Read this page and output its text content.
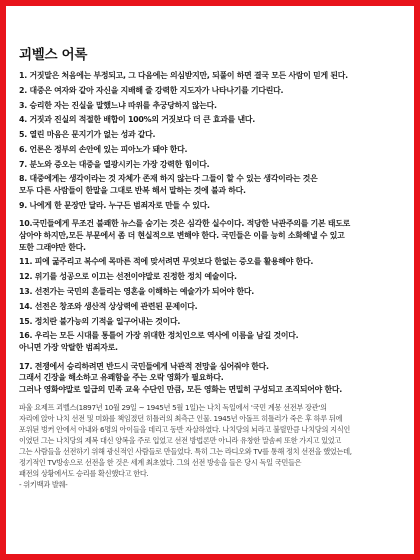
괴벨스 어록
1. 거짓말은 처음에는 부정되고, 그 다음에는 의심받지만, 되풀이 하면 결국 모든 사람이 믿게 된다.
2. 대중은 여자와 같아 자신을 지배해 줄 강력한 지도자가 나타나기를 기다린다.
3. 승리한 자는 진실을 말했느냐 따위를 추궁당하지 않는다.
4. 거짓과 진실의 적절한 배합이 100%의 거짓보다 더 큰 효과를 낸다.
5. 열린 마음은 문지기가 없는 성과 같다.
6. 언론은 정부의 손안에 있는 피아노가 돼야 한다.
7. 분노와 증오는 대중을 열광시키는 가장 강력한 힘이다.
8. 대중에게는 생각이라는 것 자체가 존재 하지 않는다 그들이 할 수 있는 생각이라는 것은
모두 다른 사람들이 한말을 그대로 반복 해서 말하는 것에 불과 하다.
9. 나에게 한 문장만 달라. 누구든 범죄자로 만들 수 있다.
10.국민들에게 무조건 불쾌한 뉴스를 숨기는 것은 심각한 실수이다. 적당한 낙관주의를 기본 태도로
삼아야 하지만,모든 부문에서 좀 더 현실적으로 변해야 한다. 국민들은 이를 능히 소화해낼 수 있고
또한 그래야만 한다.
11. 피에 굶주리고 복수에 목마른 적에 맞서려면 무엇보다 한없는 증오를 활용해야 한다.
12. 위기를 성공으로 이끄는 선전이야말로 진정한 정치 예술이다.
13. 선전가는 국민의 흔들리는 영혼을 이해하는 예술가가 되어야 한다.
14. 선전은 창조와 생산적 상상력에 관련된 문제이다.
15. 정치란 불가능의 기적을 일구어내는 것이다.
16. 우리는 모든 시대를 통틀어 가장 위대한 정치인으로 역사에 이름을 남길 것이다.
아니면 가장 악랄한 범죄자로.
17. 전쟁에서 승리하려면 반드시 국민들에게 낙관적 전망을 심어줘야 한다.
그래서 긴장을 해소하고 유쾌함을 주는 오락 영화가 필요하다.
그러나 영화야말로 일급의 민족 교육 수단인 만큼, 모든 영화는 면밀히 구성되고 조직되어야 한다.
파울 요제프 괴벨스(1897년 10월 29일 ~ 1945년 5월 1일)는 나치 독일에서 '국민 계몽 선전부 장관'의
자리에 앉아 나치 선전 및 미화를 책임졌던 히틀러의 최측근 인물. 1945년 아돌프 히틀러가 죽은 후 하루 뒤에
포위된 벙커 안에서 아내와 6명의 아이들을 데리고 동반 자살하였다. 나치당의 뇌라고 불릴만큼 나치당의 지식인
이였던 그는 나치당의 제복 대신 양복을 주로 입었고 선전 방법론만 아니라 유창한 말솜씨 또한 가지고 있었고
그는 사람들을 선전하기 위해 광신적인 사람들로 만들었다. 특히 그는 라디오와 TV를 통해 정치 선전을 했었는데,
정기적인 TV방송으로 선전을 한 것은 세계 최초였다. 그의 선전 방송을 들은 당시 독일 국민들은
패전의 상황에서도 승리를 확신했다고 한다.
- 위키백과 발췌-
